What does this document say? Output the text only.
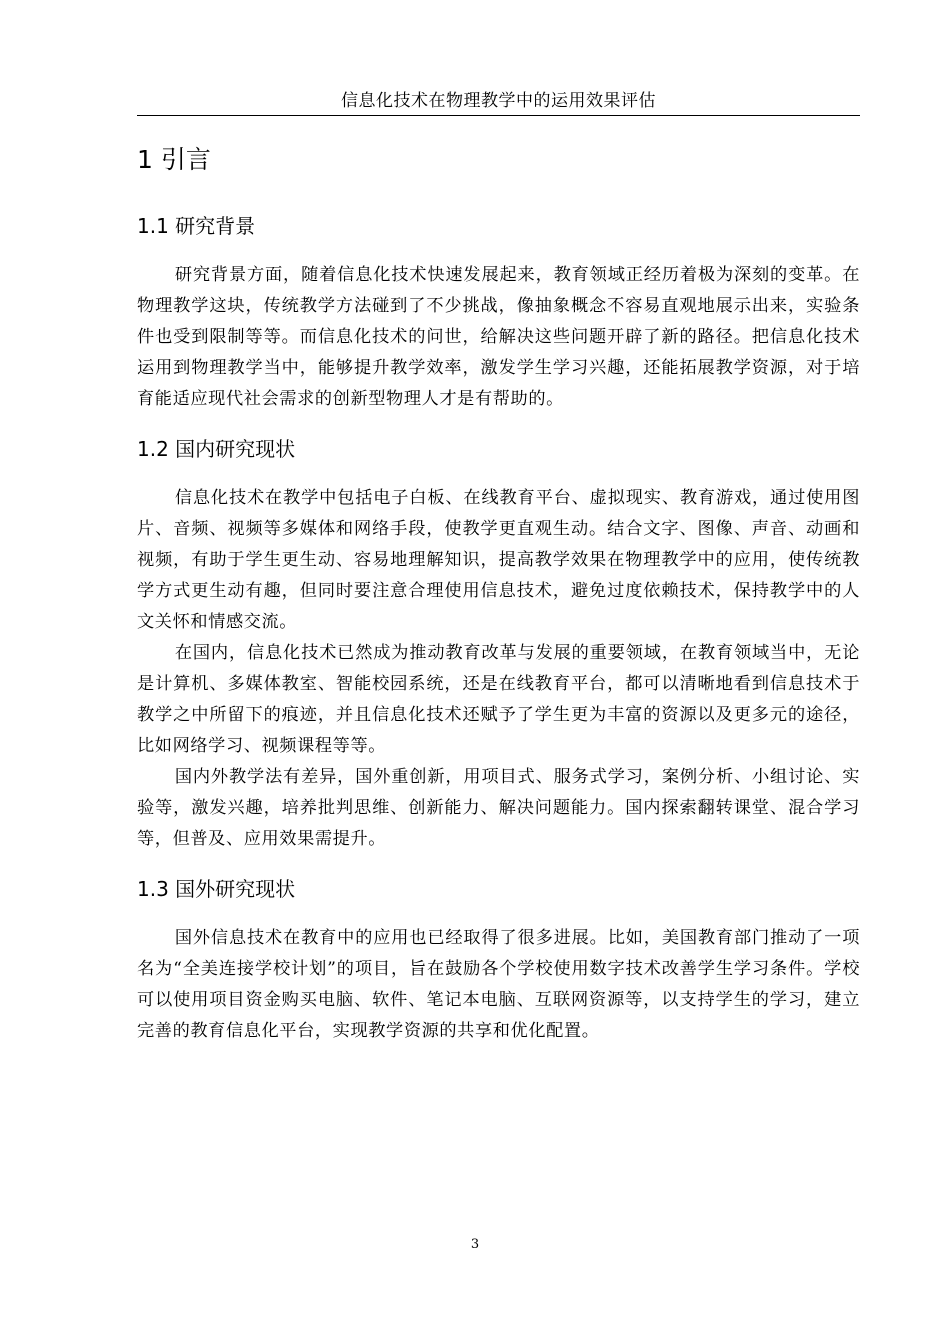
信息化技术在物理教学中的运用效果评估
1 引言
1.1 研究背景

研究背景方面，随着信息化技术快速发展起来，教育领域正经历着极为深刻的变革。在物理教学这块，传统教学方法碰到了不少挑战，像抽象概念不容易直观地展示出来，实验条件也受到限制等等。而信息化技术的问世，给解决这些问题开辟了新的路径。把信息化技术运用到物理教学当中，能够提升教学效率，激发学生学习兴趣，还能拓展教学资源，对于培育能适应现代社会需求的创新型物理人才是有帮助的。

1.2 国内研究现状

信息化技术在教学中包括电子白板、在线教育平台、虚拟现实、教育游戏，通过使用图片、音频、视频等多媒体和网络手段，使教学更直观生动。结合文字、图像、声音、动画和视频，有助于学生更生动、容易地理解知识，提高教学效果在物理教学中的应用，使传统教学方式更生动有趣，但同时要注意合理使用信息技术，避免过度依赖技术，保持教学中的人文关怀和情感交流。

在国内，信息化技术已然成为推动教育改革与发展的重要领域，在教育领域当中，无论是计算机、多媒体教室、智能校园系统，还是在线教育平台，都可以清晰地看到信息技术于教学之中所留下的痕迹，并且信息化技术还赋予了学生更为丰富的资源以及更多元的途径，比如网络学习、视频课程等等。

国内外教学法有差异，国外重创新，用项目式、服务式学习，案例分析、小组讨论、实验等，激发兴趣，培养批判思维、创新能力、解决问题能力。国内探索翻转课堂、混合学习等，但普及、应用效果需提升。

1.3 国外研究现状

国外信息技术在教育中的应用也已经取得了很多进展。比如，美国教育部门推动了一项名为“全美连接学校计划”的项目，旨在鼓励各个学校使用数字技术改善学生学习条件。学校可以使用项目资金购买电脑、软件、笔记本电脑、互联网资源等，以支持学生的学习，建立完善的教育信息化平台，实现教学资源的共享和优化配置。

3
